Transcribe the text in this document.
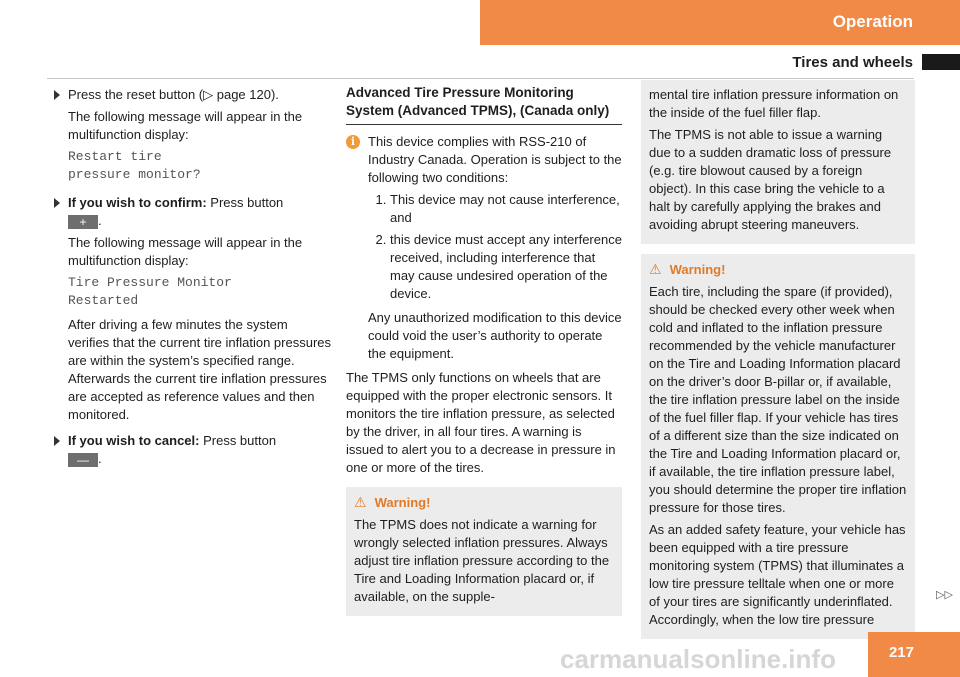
Operation
Tires and wheels

Press the reset button (▷ page 120).

The following message will appear in the multifunction display:

Restart tire
pressure monitor?

If you wish to confirm: Press button
+ .

The following message will appear in the multifunction display:

Tire Pressure Monitor
Restarted

After driving a few minutes the system verifies that the current tire inflation pressures are within the system’s specified range. Afterwards the current tire inflation pressures are accepted as reference values and then monitored.

If you wish to cancel: Press button
— .

Advanced Tire Pressure Monitoring System (Advanced TPMS), (Canada only)
i This device complies with RSS-210 of Industry Canada. Operation is subject to the following two conditions:

1. This device may not cause interference, and
2. this device must accept any interference received, including interference that may cause undesired operation of the device.

Any unauthorized modification to this device could void the user’s authority to operate the equipment.

The TPMS only functions on wheels that are equipped with the proper electronic sensors. It monitors the tire inflation pressure, as selected by the driver, in all four tires. A warning is issued to alert you to a decrease in pressure in one or more of the tires.

⚠ Warning!

The TPMS does not indicate a warning for wrongly selected inflation pressures. Always adjust tire inflation pressure according to the Tire and Loading Information placard or, if available, on the supple-

mental tire inflation pressure information on the inside of the fuel filler flap.

The TPMS is not able to issue a warning due to a sudden dramatic loss of pressure (e.g. tire blowout caused by a foreign object). In this case bring the vehicle to a halt by carefully applying the brakes and avoiding abrupt steering maneuvers.

⚠ Warning!

Each tire, including the spare (if provided), should be checked every other week when cold and inflated to the inflation pressure recommended by the vehicle manufacturer on the Tire and Loading Information placard on the driver’s door B-pillar or, if available, the tire inflation pressure label on the inside of the fuel filler flap. If your vehicle has tires of a different size than the size indicated on the Tire and Loading Information placard or, if available, the tire inflation pressure label, you should determine the proper tire inflation pressure for those tires.

As an added safety feature, your vehicle has been equipped with a tire pressure monitoring system (TPMS) that illuminates a low tire pressure telltale when one or more of your tires are significantly underinflated. Accordingly, when the low tire pressure

▷▷
217
carmanualsonline.info
